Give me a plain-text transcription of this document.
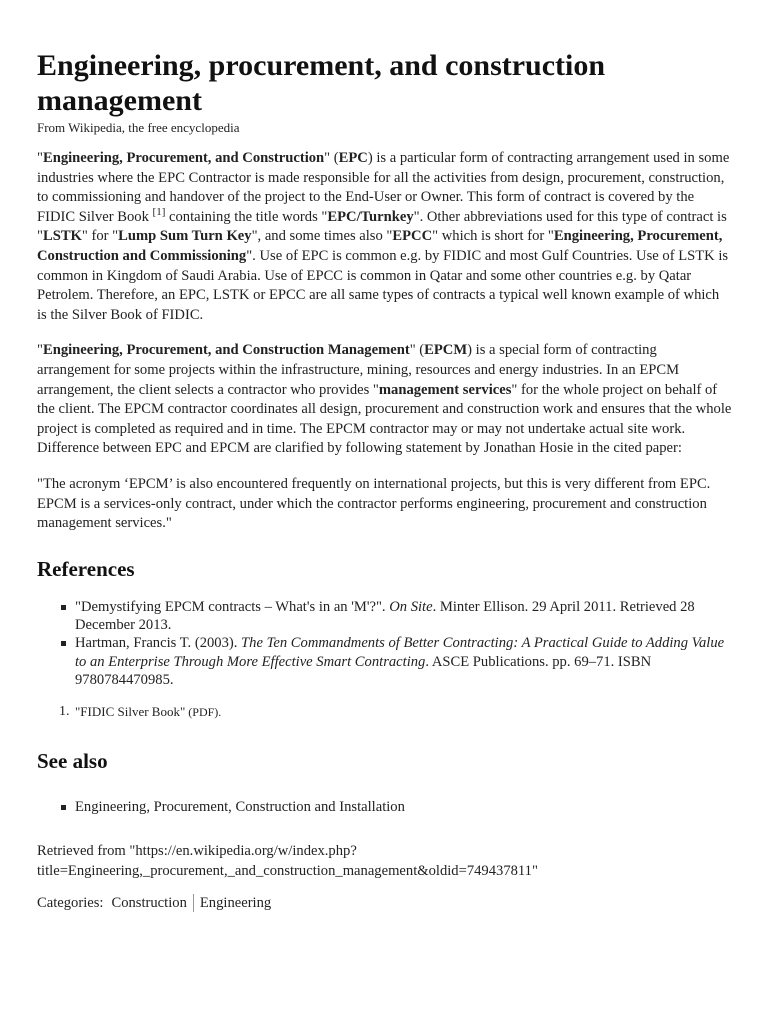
Engineering, procurement, and construction management
From Wikipedia, the free encyclopedia

"Engineering, Procurement, and Construction" (EPC) is a particular form of contracting arrangement used in some industries where the EPC Contractor is made responsible for all the activities from design, procurement, construction, to commissioning and handover of the project to the End-User or Owner. This form of contract is covered by the FIDIC Silver Book [1] containing the title words "EPC/Turnkey". Other abbreviations used for this type of contract is "LSTK" for "Lump Sum Turn Key", and some times also "EPCC" which is short for "Engineering, Procurement, Construction and Commissioning". Use of EPC is common e.g. by FIDIC and most Gulf Countries. Use of LSTK is common in Kingdom of Saudi Arabia. Use of EPCC is common in Qatar and some other countries e.g. by Qatar Petrolem. Therefore, an EPC, LSTK or EPCC are all same types of contracts a typical well known example of which is the Silver Book of FIDIC.

"Engineering, Procurement, and Construction Management" (EPCM) is a special form of contracting arrangement for some projects within the infrastructure, mining, resources and energy industries. In an EPCM arrangement, the client selects a contractor who provides "management services" for the whole project on behalf of the client. The EPCM contractor coordinates all design, procurement and construction work and ensures that the whole project is completed as required and in time. The EPCM contractor may or may not undertake actual site work. Difference between EPC and EPCM are clarified by following statement by Jonathan Hosie in the cited paper:

"The acronym ‘EPCM’ is also encountered frequently on international projects, but this is very different from EPC. EPCM is a services-only contract, under which the contractor performs engineering, procurement and construction management services."

References
"Demystifying EPCM contracts – What's in an 'M'?". On Site. Minter Ellison. 29 April 2011. Retrieved 28 December 2013.
Hartman, Francis T. (2003). The Ten Commandments of Better Contracting: A Practical Guide to Adding Value to an Enterprise Through More Effective Smart Contracting. ASCE Publications. pp. 69–71. ISBN 9780784470985.
1. "FIDIC Silver Book" (PDF).
See also
Engineering, Procurement, Construction and Installation
Retrieved from "https://en.wikipedia.org/w/index.php?title=Engineering,_procurement,_and_construction_management&oldid=749437811"
Categories: Construction Engineering
